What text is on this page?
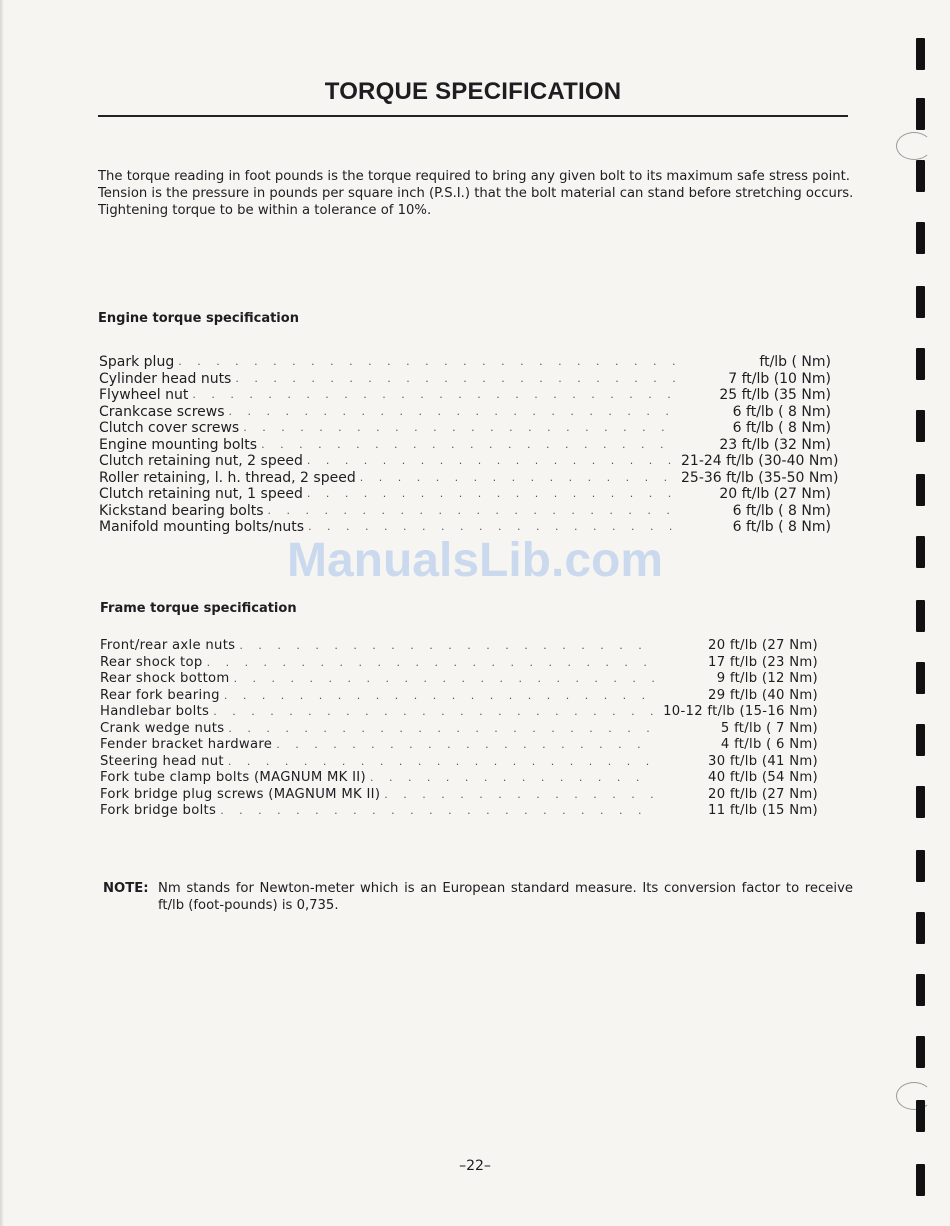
TORQUE SPECIFICATION

The torque reading in foot pounds is the torque required to bring any given bolt to its maximum safe stress point.

Tension is the pressure in pounds per square inch (P.S.I.) that the bolt material can stand before stretching occurs.

Tightening torque to be within a tolerance of 10%.

Engine torque specification
Spark plug . . .	ft/lb ( Nm)
Cylinder head nuts . . .	7 ft/lb (10 Nm)
Flywheel nut . . .	25 ft/lb (35 Nm)
Crankcase screws . . .	6 ft/lb ( 8 Nm)
Clutch cover screws . . .	6 ft/lb ( 8 Nm)
Engine mounting bolts . . .	23 ft/lb (32 Nm)
Clutch retaining nut, 2 speed . . .	21-24 ft/lb (30-40 Nm)
Roller retaining, l. h. thread, 2 speed . . .	25-36 ft/lb (35-50 Nm)
Clutch retaining nut, 1 speed . . .	20 ft/lb (27 Nm)
Kickstand bearing bolts . . .	6 ft/lb ( 8 Nm)
Manifold mounting bolts/nuts . . .	6 ft/lb ( 8 Nm)
ManualsLib.com
Frame torque specification
Front/rear axle nuts . . .	20 ft/lb (27 Nm)
Rear shock top . . .	17 ft/lb (23 Nm)
Rear shock bottom . . .	9 ft/lb (12 Nm)
Rear fork bearing . . .	29 ft/lb (40 Nm)
Handlebar bolts . . .	10-12 ft/lb (15-16 Nm)
Crank wedge nuts . . .	5 ft/lb ( 7 Nm)
Fender bracket hardware . . .	4 ft/lb ( 6 Nm)
Steering head nut . . .	30 ft/lb (41 Nm)
Fork tube clamp bolts (MAGNUM MK II) . . .	40 ft/lb (54 Nm)
Fork bridge plug screws (MAGNUM MK II) . . .	20 ft/lb (27 Nm)
Fork bridge bolts . . .	11 ft/lb (15 Nm)
NOTE: Nm stands for Newton-meter which is an European standard measure. Its conversion factor to receive ft/lb (foot-pounds) is 0,735.
–22–
